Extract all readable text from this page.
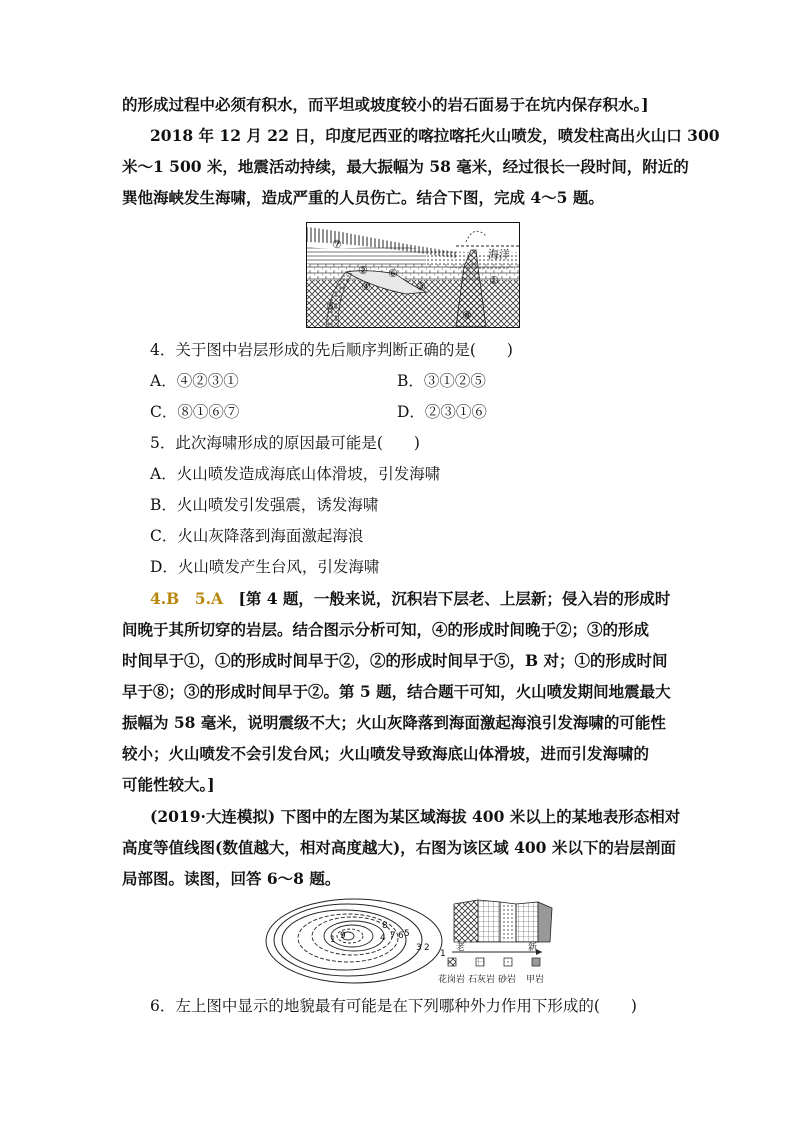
的形成过程中必须有积水，而平坦或坡度较小的岩石面易于在坑内保存积水。]
2018 年 12 月 22 日，印度尼西亚的喀拉喀托火山喷发，喷发柱高出火山口 300
米～1 500 米，地震活动持续，最大振幅为 58 毫米，经过很长一段时间，附近的
巽他海峡发生海啸，造成严重的人员伤亡。结合下图，完成 4～5 题。
海洋
①
②
③
④
⑤
⑥
⑦
⑧
4．关于图中岩层形成的先后顺序判断正确的是(　　)
A．④②③①	B．③①②⑤
C．⑧①⑥⑦	D．②③①⑥
5．此次海啸形成的原因最可能是(　　)
A．火山喷发造成海底山体滑坡，引发海啸
B．火山喷发引发强震，诱发海啸
C．火山灰降落到海面激起海浪
D．火山喷发产生台风，引发海啸
4.B　5.A　 [第 4 题，一般来说，沉积岩下层老、上层新；侵入岩的形成时
间晚于其所切穿的岩层。结合图示分析可知，④的形成时间晚于②；③的形成
时间早于①，①的形成时间早于②，②的形成时间早于⑤，B 对；①的形成时间
早于⑧；③的形成时间早于②。第 5 题，结合题干可知，火山喷发期间地震最大
振幅为 58 毫米，说明震级不大；火山灰降落到海面激起海浪引发海啸的可能性
较小；火山喷发不会引发台风；火山喷发导致海底山体滑坡，进而引发海啸的
可能性较大。]
(2019·大连模拟) 下图中的左图为某区域海拔 400 米以上的某地表形态相对
高度等值线图(数值越大，相对高度越大)，右图为该区域 400 米以下的岩层剖面
局部图。读图，回答 6～8 题。
9
8
7 6 5
4
3 2
1
1
老	新
花岗岩 石灰岩 砂岩 甲岩
6．左上图中显示的地貌最有可能是在下列哪种外力作用下形成的(　　)
